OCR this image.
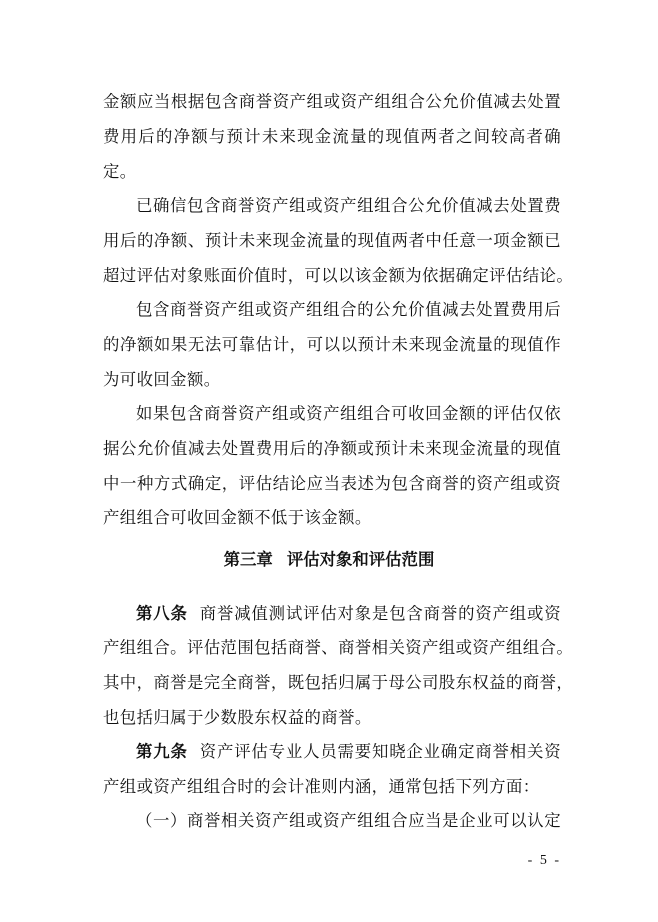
金额应当根据包含商誉资产组或资产组组合公允价值减去处置
费用后的净额与预计未来现金流量的现值两者之间较高者确
定。
已确信包含商誉资产组或资产组组合公允价值减去处置费
用后的净额、预计未来现金流量的现值两者中任意一项金额已
超过评估对象账面价值时，可以以该金额为依据确定评估结论。
包含商誉资产组或资产组组合的公允价值减去处置费用后
的净额如果无法可靠估计，可以以预计未来现金流量的现值作
为可收回金额。
如果包含商誉资产组或资产组组合可收回金额的评估仅依
据公允价值减去处置费用后的净额或预计未来现金流量的现值
中一种方式确定，评估结论应当表述为包含商誉的资产组或资
产组组合可收回金额不低于该金额。
第三章 评估对象和评估范围
第八条 商誉减值测试评估对象是包含商誉的资产组或资
产组组合。评估范围包括商誉、商誉相关资产组或资产组组合。
其中，商誉是完全商誉，既包括归属于母公司股东权益的商誉，
也包括归属于少数股东权益的商誉。
第九条 资产评估专业人员需要知晓企业确定商誉相关资
产组或资产组组合时的会计准则内涵，通常包括下列方面：
（一）商誉相关资产组或资产组组合应当是企业可以认定
- 5 -
